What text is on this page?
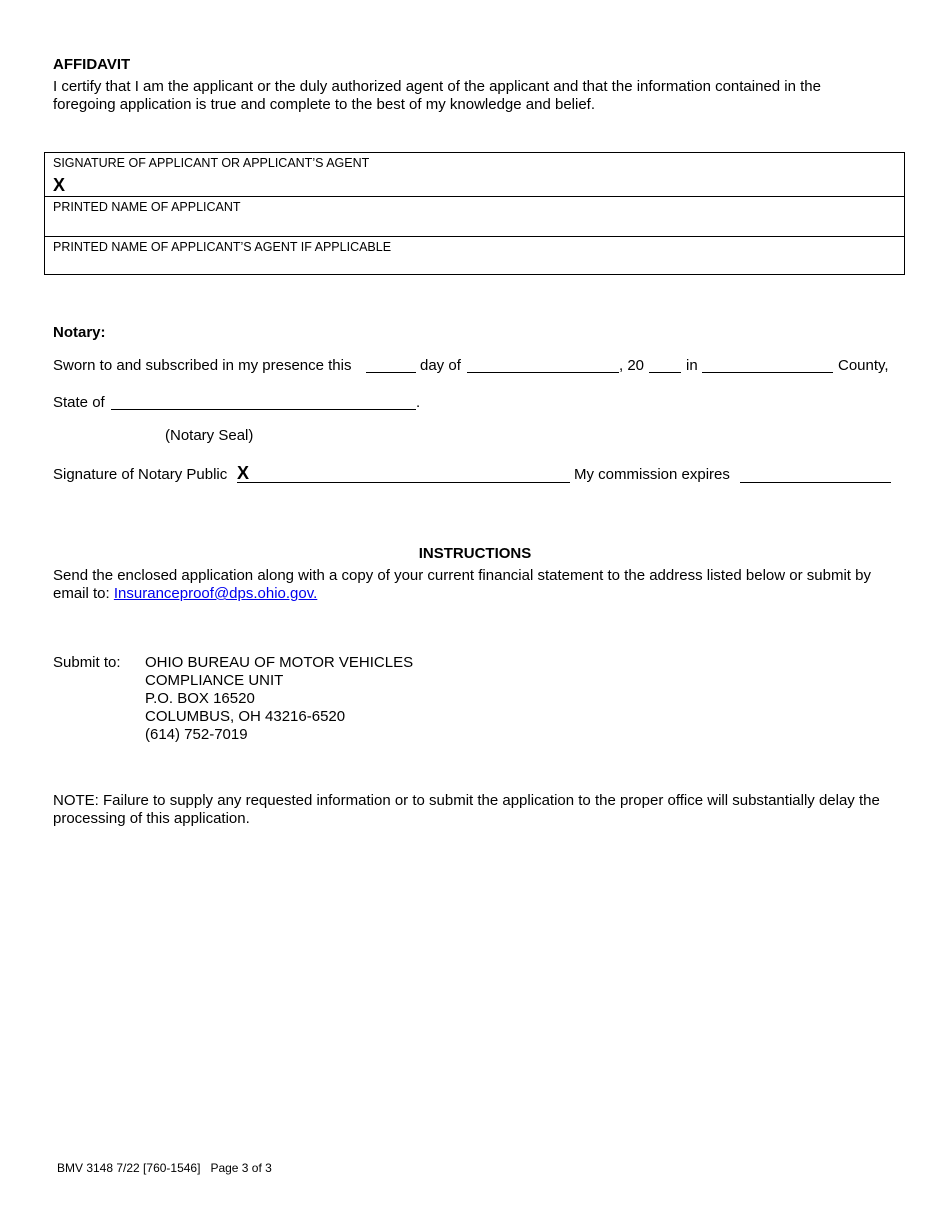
AFFIDAVIT
I certify that I am the applicant or the duly authorized agent of the applicant and that the information contained in the foregoing application is true and complete to the best of my knowledge and belief.
SIGNATURE OF APPLICANT OR APPLICANT’S AGENT
X
PRINTED NAME OF APPLICANT
PRINTED NAME OF APPLICANT’S AGENT IF APPLICABLE
Notary:
Sworn to and subscribed in my presence this	day of	, 20	in	County,
State of	.
(Notary Seal)
Signature of Notary Public X	My commission expires
INSTRUCTIONS
Send the enclosed application along with a copy of your current financial statement to the address listed below or submit by email to: Insuranceproof@dps.ohio.gov.
Submit to: OHIO BUREAU OF MOTOR VEHICLES
COMPLIANCE UNIT
P.O. BOX 16520
COLUMBUS, OH 43216-6520
(614) 752-7019
NOTE: Failure to supply any requested information or to submit the application to the proper office will substantially delay the processing of this application.
BMV 3148 7/22 [760-1546]   Page 3 of 3
